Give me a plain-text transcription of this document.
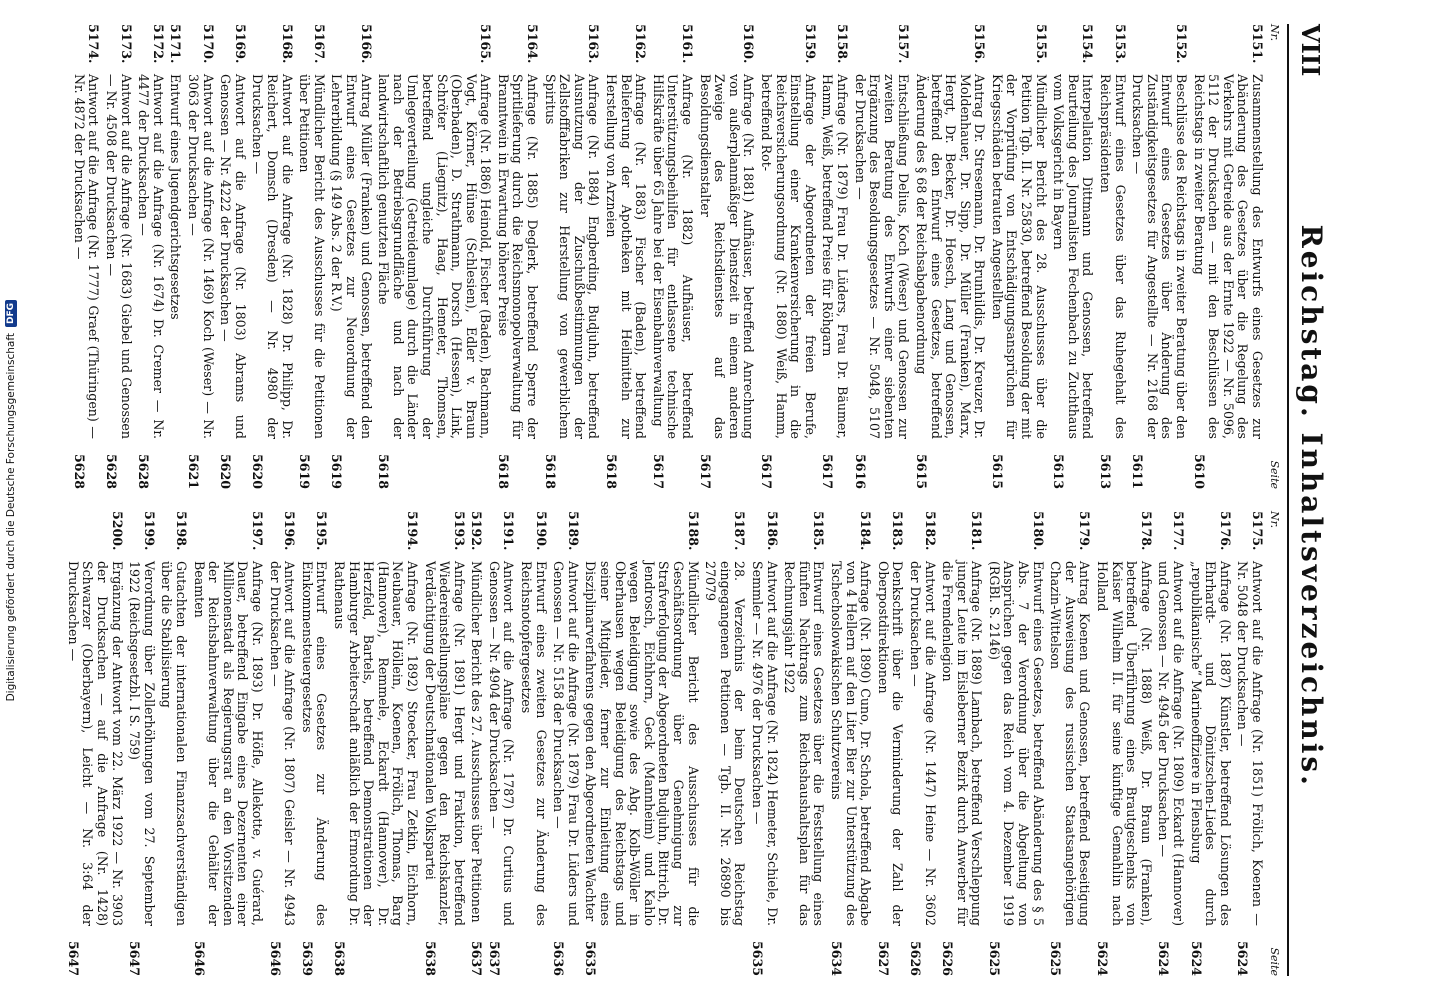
VIII
Reichstag. Inhaltsverzeichnis.
Nr.
Seite
5151.
Zusammenstellung des Entwurfs eines Gesetzes zur Abänderung des Gesetzes über die Regelung des Verkehrs mit Getreide aus der Ernte 1922 — Nr. 5096, 5112 der Drucksachen — mit den Beschlüssen des Reichstags in zweiter Beratung
5610
5152.
Beschlüsse des Reichstags in zweiter Beratung über den Entwurf eines Gesetzes über Änderung des Zuständigkeitsgesetzes für Angestellte — Nr. 2168 der Drucksachen —
5611
5153.
Entwurf eines Gesetzes über das Ruhegehalt des Reichspräsidenten
5613
5154.
Interpellation Dittmann und Genossen, betreffend Beurteilung des Journalisten Fechenbach zu Zuchthaus vom Volksgericht in Bayern
5613
5155.
Mündlicher Bericht des 28. Ausschusses über die Petition Tgb. II. Nr. 25830, betreffend Besoldung der mit der Vorprüfung von Entschädigungsansprüchen für Kriegsschäden betrauten Angestellten
5615
5156.
Antrag Dr. Stresemann, Dr. Brunhildis, Dr. Kreuzer, Dr. Moldenhauer, Dr. Sipp, Dr. Müller (Franken), Marx, Hergt, Dr. Becker, Dr. Hoesch, Lang und Genossen, betreffend den Entwurf eines Gesetzes, betreffend Änderung des § 68 der Reichsabgabenordnung
5615
5157.
Entschließung Delius, Koch (Weser) und Genossen zur zweiten Beratung des Entwurfs einer siebenten Ergänzung des Besoldungsgesetzes — Nr. 5048, 5107 der Drucksachen —
5616
5158.
Anfrage (Nr. 1879) Frau Dr. Lüders, Frau Dr. Bäumer, Hamm, Weiß, betreffend Preise für Röhgarn
5617
5159.
Anfrage der Abgeordneten der freien Berufe, Einstellung einer Krankenversicherung in die Reichsversicherungsordnung (Nr. 1880) Weiß, Hamm, betreffend Rot-
5617
5160.
Anfrage (Nr. 1881) Aufhäuser, betreffend Anrechnung von außerplanmäßiger Dienstzeit in einem anderen Zweige des Reichsdienstes auf das Besoldungsdienstalter
5617
5161.
Anfrage (Nr. 1882) Aufhäuser, betreffend Unterstützungsbeihilfen für entlassene technische Hilfskräfte über 65 Jahre bei der Eisenbahnverwaltung
5617
5162.
Anfrage (Nr. 1883) Fischer (Baden), betreffend Belieferung der Apotheken mit Heilmitteln zur Herstellung von Arzneien
5618
5163.
Anfrage (Nr. 1884) Engberding, Budjuhn, betreffend Ausnutzung der Zuschußbestimmungen der Zellstofffabriken zur Herstellung von gewerblichem Spiritus
5618
5164.
Anfrage (Nr. 1885) Deglerk, betreffend Sperre der Spritlieferung durch die Reichsmonopolverwaltung für Branntwein in Erwartung höherer Preise
5618
5165.
Anfrage (Nr. 1886) Heinold, Fischer (Baden), Bachmann, Vogt, Körner, Hünse (Schlesien), Edler v. Braun (Oberbaden), D. Strathmann, Dorsch (Hessen), Link, Schröter (Liegnitz), Haag, Hemeter, Thomsen, betreffend ungleiche Durchführung der Umlegeverteilung (Getreideumlage) durch die Länder nach der Betriebsgrundfläche und nach der landwirtschaftlich genutzten Fläche
5618
5166.
Antrag Müller (Franken) und Genossen, betreffend den Entwurf eines Gesetzes zur Neuordnung der Lehrerbildung (§ 149 Abs. 2 der R.V.)
5619
5167.
Mündlicher Bericht des Ausschusses für die Petitionen über Petitionen
5619
5168.
Antwort auf die Anfrage (Nr. 1828) Dr. Philipp, Dr. Reichert, Domsch (Dresden) — Nr. 4980 der Drucksachen —
5620
5169.
Antwort auf die Anfrage (Nr. 1803) Abrams und Genossen — Nr. 4222 der Drucksachen —
5620
5170.
Antwort auf die Anfrage (Nr. 1469) Koch (Weser) — Nr. 3063 der Drucksachen —
5621
5171.
Entwurf eines Jugendgerichtsgesetzes
5172.
Antwort auf die Anfrage (Nr. 1674) Dr. Cremer — Nr. 4477 der Drucksachen —
5628
5173.
Antwort auf die Anfrage (Nr. 1683) Giebel und Genossen — Nr. 4508 der Drucksachen —
5628
5174.
Antwort auf die Anfrage (Nr. 1777) Graef (Thüringen) — Nr. 4872 der Drucksachen —
5628
Nr.
Seite
5175.
Antwort auf die Anfrage (Nr. 1851) Frölich, Koenen — Nr. 5048 der Drucksachen —
5624
5176.
Anfrage (Nr. 1887) Künstler, betreffend Lösungen des Ehrhardt- und Dönitzschen-Liedes durch „republikanische“ Marineoffiziere in Flensburg
5624
5177.
Antwort auf die Anfrage (Nr. 1809) Eckardt (Hannover) und Genossen — Nr. 4945 der Drucksachen —
5624
5178.
Anfrage (Nr. 1888) Weiß, Dr. Braun (Franken), betreffend Überführung eines Brautgeschenks von Kaiser Wilhelm II. für seine künftige Gemahlin nach Holland
5624
5179.
Antrag Koenen und Genossen, betreffend Beseitigung der Ausweisung des russischen Staatsangehörigen Chazin-Wittelson
5625
5180.
Entwurf eines Gesetzes, betreffend Abänderung des § 5 Abs. 7 der Verordnung über die Abgeltung von Ansprüchen gegen das Reich vom 4. Dezember 1919 (RGBl. S. 2146)
5625
5181.
Anfrage (Nr. 1889) Lambach, betreffend Verschleppung junger Leute im Eisleberner Bezirk durch Anwerber für die Fremdenlegion
5626
5182.
Antwort auf die Anfrage (Nr. 1447) Heine — Nr. 3602 der Drucksachen —
5626
5183.
Denkschrift über die Verminderung der Zahl der Oberpostdirektionen
5627
5184.
Anfrage (Nr. 1890) Cuno, Dr. Schola, betreffend Abgabe von 4 Hellern auf den Liter Bier zur Unterstützung des Tschechoslowakischen Schutzvereins
5634
5185.
Entwurf eines Gesetzes über die Feststellung eines fünften Nachtrags zum Reichshaushaltsplan für das Rechnungsjahr 1922
5186.
Antwort auf die Anfrage (Nr. 1824) Hemeter, Schiele, Dr. Semmler — Nr. 4976 der Drucksachen —
5635
5187.
28. Verzeichnis der beim Deutschen Reichstag eingegangenen Petitionen — Tgb. II. Nr. 26890 bis 27079
5188.
Mündlicher Bericht des Ausschusses für die Geschäftsordnung über Genehmigung zur Strafverfolgung der Abgeordneten Budjuhn, Bittrich, Dr. Jendrosch, Eichhorn, Geck (Mannheim) und Kahlo wegen Beleidigung sowie des Abg. Kolb-Wöller in Oberhausen wegen Beleidigung des Reichstags und seiner Mitglieder, ferner zur Einleitung eines Disziplinarverfahrens gegen den Abgeordneten Wachter
5635
5189.
Antwort auf die Anfrage (Nr. 1879) Frau Dr. Lüders und Genossen — Nr. 5158 der Drucksachen —
5636
5190.
Entwurf eines zweiten Gesetzes zur Änderung des Reichsnotopfergesetzes
5191.
Antwort auf die Anfrage (Nr. 1787) Dr. Curtius und Genossen — Nr. 4904 der Drucksachen —
5637
5192.
Mündlicher Bericht des 27. Ausschusses über Petitionen
5637
5193.
Anfrage (Nr. 1891) Hergt und Fraktion, betreffend Wiedereinstellungspläne gegen den Reichskanzler, Verdächtigung der Deutschnationalen Volkspartei
5638
5194.
Anfrage (Nr. 1892) Stoecker, Frau Zetkin, Eichhorn, Neubauer, Höllein, Koenen, Frölich, Thomas, Barg (Hannover), Remmele, Eckardt (Hannover), Dr. Herzfeld, Bartels, betreffend Demonstrationen der Hamburger Arbeiterschaft anläßlich der Ermordung Dr. Rathenaus
5638
5195.
Entwurf eines Gesetzes zur Änderung des Einkommensteuergesetzes
5639
5196.
Antwort auf die Anfrage (Nr. 1807) Geisler — Nr. 4943 der Drucksachen —
5646
5197.
Anfrage (Nr. 1893) Dr. Höfle, Allekotte, v. Guérard, Dauer, betreffend Eingabe eines Dezernenten einer Millionenstadt als Regierungsrat an den Vorsitzenden der Reichsbahnverwaltung über die Gehälter der Beamten
5646
5198.
Gutachten der internationalen Finanzsachverständigen über die Stabilisierung
5199.
Verordnung über Zollerhöhungen vom 27. September 1922 (Reichsgesetzbl. I S. 759)
5647
5200.
Ergänzung der Antwort vom 22. März 1922 — Nr. 3903 der Drucksachen — auf die Anfrage (Nr. 1428) Schwarzer (Oberbayern), Leicht — Nr. 3:64 der Drucksachen —
5647
Digitalisierung gefördert durch die Deutsche Forschungsgemeinschaft
DFG
